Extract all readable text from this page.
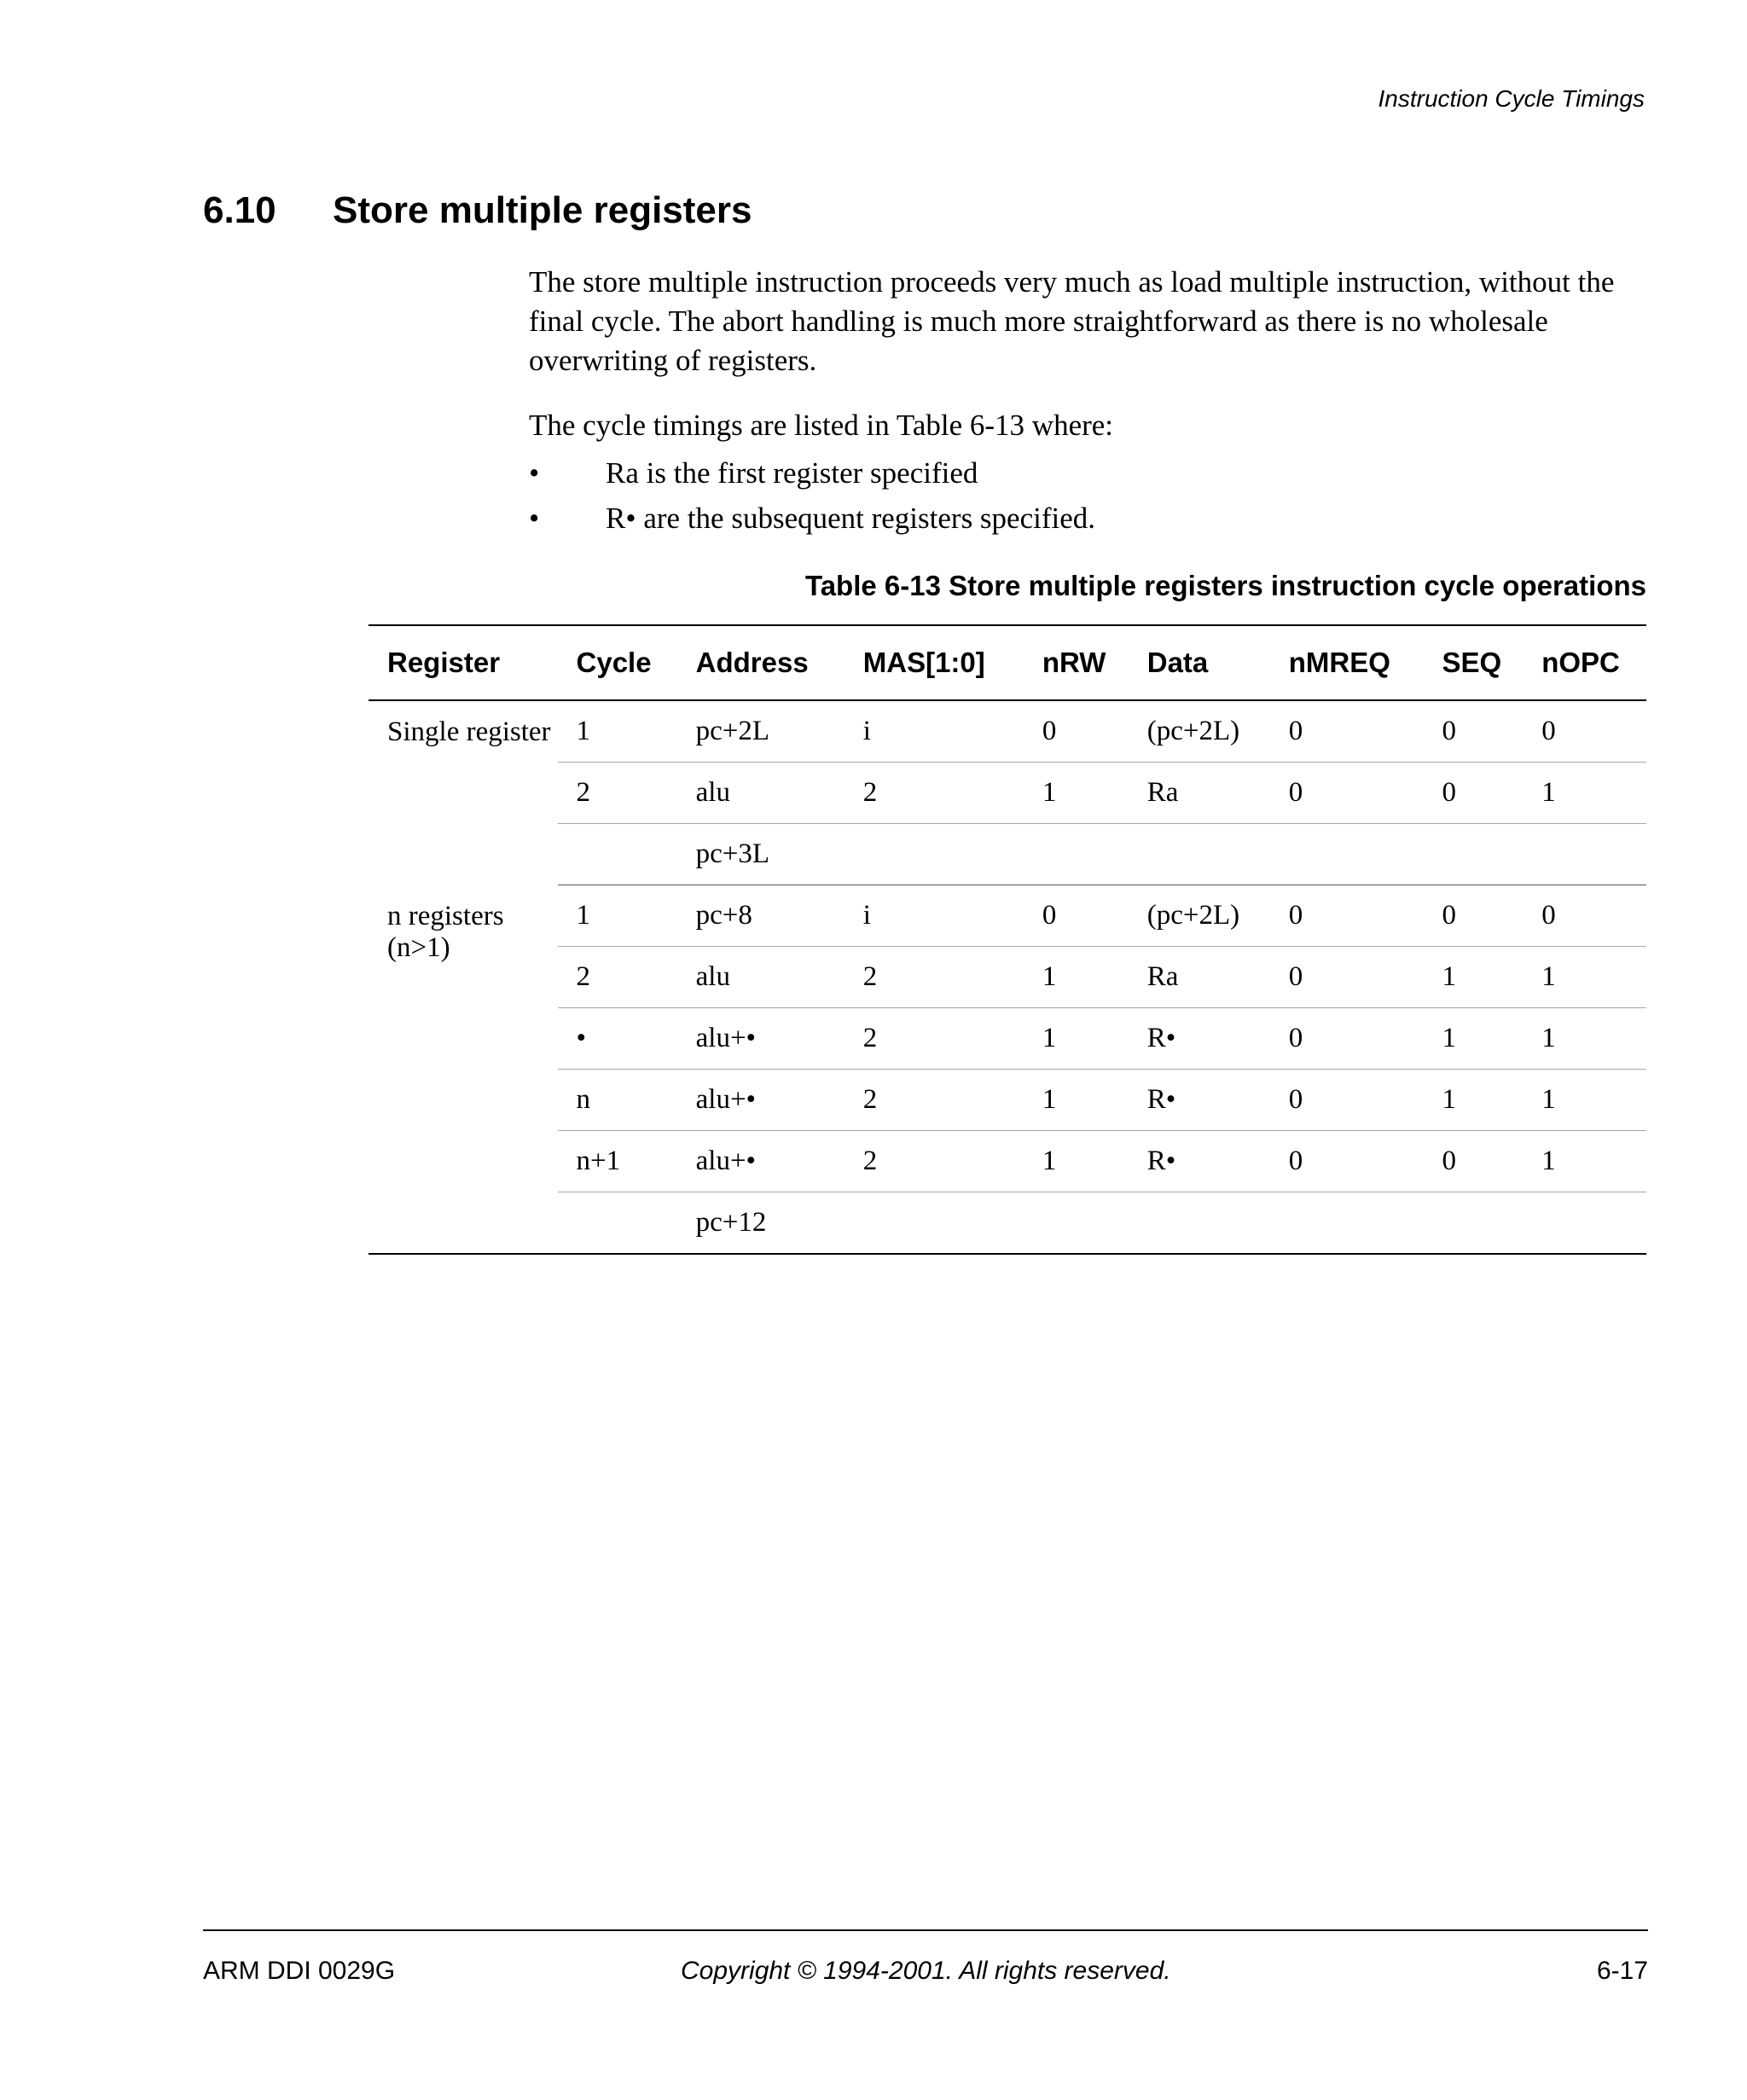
Instruction Cycle Timings
6.10	Store multiple registers

The store multiple instruction proceeds very much as load multiple instruction, without the final cycle. The abort handling is much more straightforward as there is no wholesale overwriting of registers.

The cycle timings are listed in Table 6-13 where:

•	Ra is the first register specified
•	R• are the subsequent registers specified.
Table 6-13 Store multiple registers instruction cycle operations
Register	Cycle	Address	MAS[1:0]	nRW	Data	nMREQ	SEQ	nOPC
Single register	1	pc+2L	i	0	(pc+2L)	0	0	0
	2	alu	2	1	Ra	0	0	1
		pc+3L						
n registers (n>1)	1	pc+8	i	0	(pc+2L)	0	0	0
	2	alu	2	1	Ra	0	1	1
	•	alu+•	2	1	R•	0	1	1
	n	alu+•	2	1	R•	0	1	1
	n+1	alu+•	2	1	R•	0	0	1
		pc+12						
ARM DDI 0029G	Copyright © 1994-2001. All rights reserved.	6-17
